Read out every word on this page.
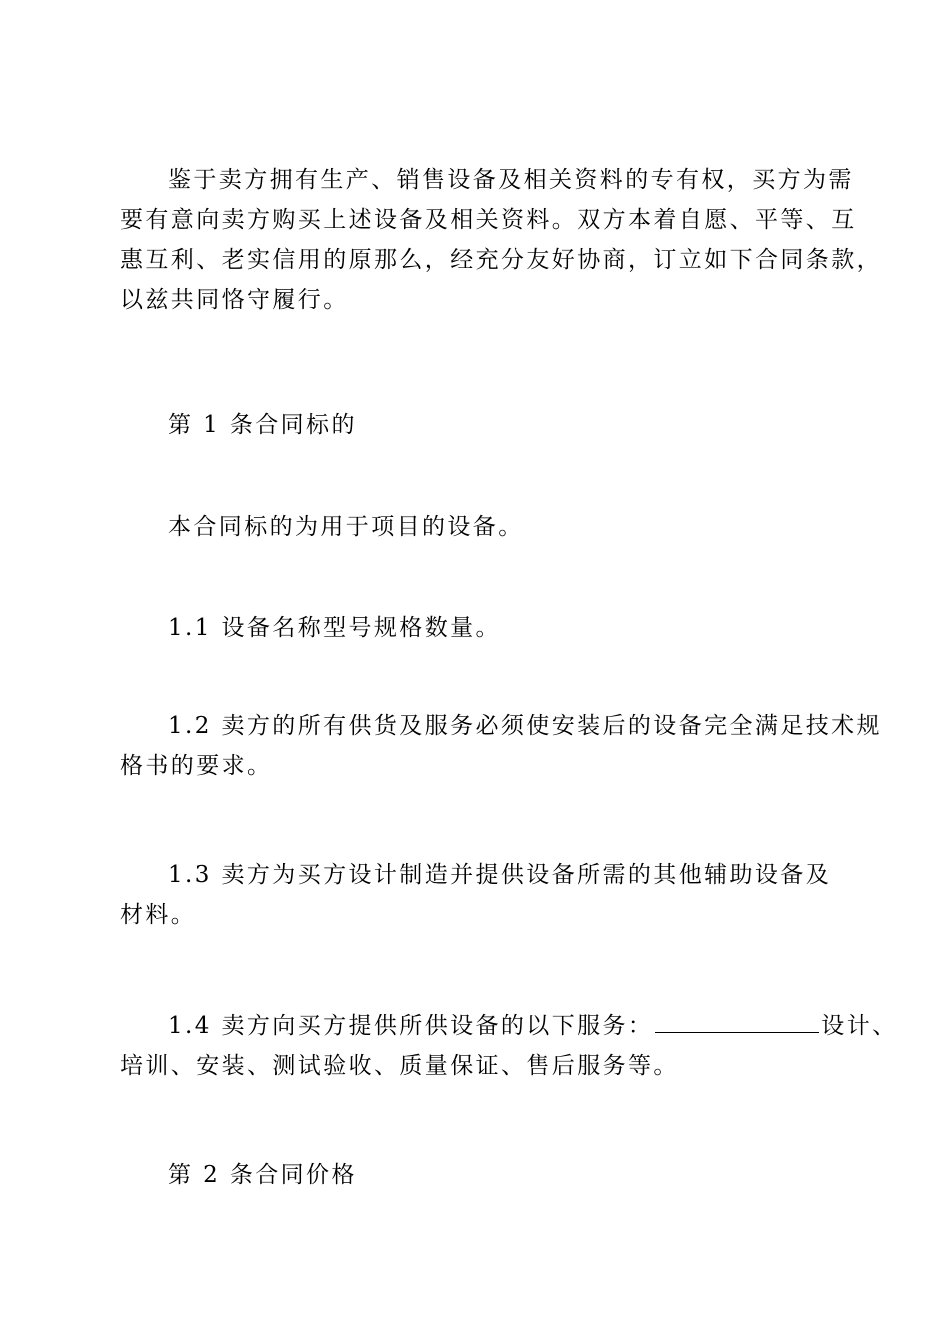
鉴于卖方拥有生产、销售设备及相关资料的专有权，买方为需
要有意向卖方购买上述设备及相关资料。双方本着自愿、平等、互
惠互利、老实信用的原那么，经充分友好协商，订立如下合同条款，
以兹共同恪守履行。
第 1 条合同标的
本合同标的为用于项目的设备。
1.1 设备名称型号规格数量。
1.2 卖方的所有供货及服务必须使安装后的设备完全满足技术规
格书的要求。
1.3 卖方为买方设计制造并提供设备所需的其他辅助设备及材料。
1.4 卖方向买方提供所供设备的以下服务：	设计、
培训、安装、测试验收、质量保证、售后服务等。
第 2 条合同价格
